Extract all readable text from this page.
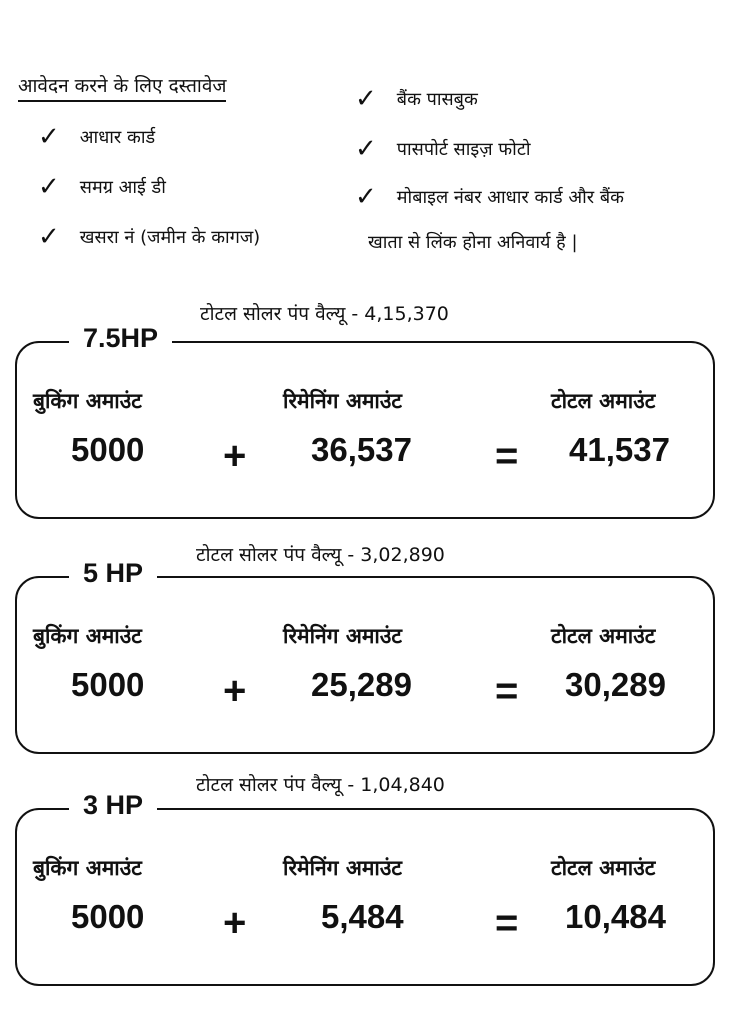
आवेदन करने के लिए दस्तावेज
✓ आधार कार्ड
✓ समग्र आई डी
✓ खसरा नं (जमीन के कागज)
✓ बैंक पासबुक
✓ पासपोर्ट साइज़ फोटो
✓ मोबाइल नंबर आधार कार्ड और बैंक
खाता से लिंक होना अनिवार्य है |
टोटल सोलर पंप वैल्यू - 4,15,370
7.5HP
बुकिंग अमाउंट	रिमेनिंग अमाउंट	टोटल अमाउंट
5000 + 36,537 = 41,537
टोटल सोलर पंप वैल्यू - 3,02,890
5 HP
बुकिंग अमाउंट	रिमेनिंग अमाउंट	टोटल अमाउंट
5000 + 25,289 = 30,289
टोटल सोलर पंप वैल्यू - 1,04,840
3 HP
बुकिंग अमाउंट	रिमेनिंग अमाउंट	टोटल अमाउंट
5000 + 5,484 = 10,484
